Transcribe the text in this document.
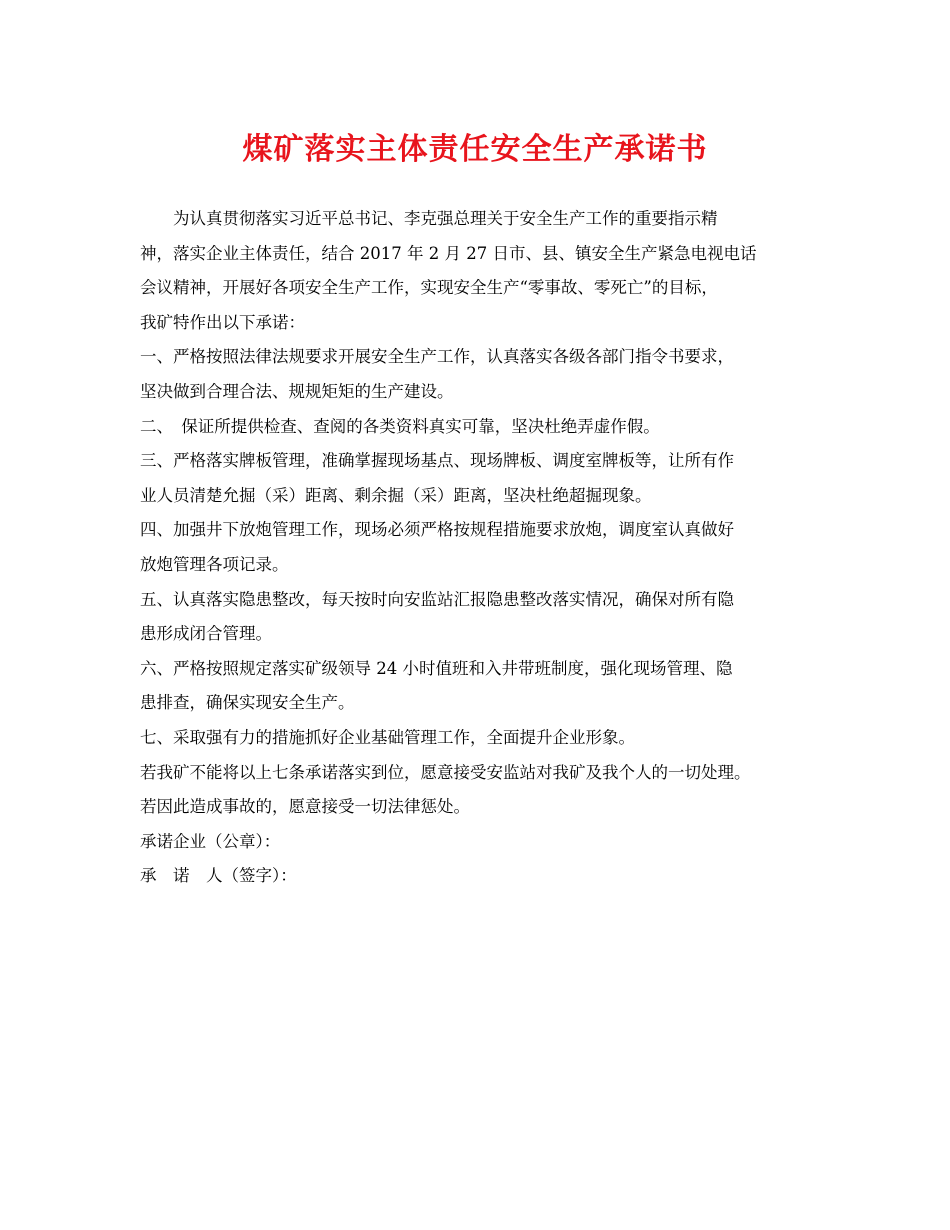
煤矿落实主体责任安全生产承诺书
　　为认真贯彻落实习近平总书记、李克强总理关于安全生产工作的重要指示精
神，落实企业主体责任，结合 2017 年 2 月 27 日市、县、镇安全生产紧急电视电话
会议精神，开展好各项安全生产工作，实现安全生产“零事故、零死亡”的目标，
我矿特作出以下承诺：
一、严格按照法律法规要求开展安全生产工作，认真落实各级各部门指令书要求，
坚决做到合理合法、规规矩矩的生产建设。
二、　保证所提供检查、查阅的各类资料真实可靠，坚决杜绝弄虚作假。
三、严格落实牌板管理，准确掌握现场基点、现场牌板、调度室牌板等，让所有作
业人员清楚允掘（采）距离、剩余掘（采）距离，坚决杜绝超掘现象。
四、加强井下放炮管理工作，现场必须严格按规程措施要求放炮，调度室认真做好
放炮管理各项记录。
五、认真落实隐患整改，每天按时向安监站汇报隐患整改落实情况，确保对所有隐
患形成闭合管理。
六、严格按照规定落实矿级领导 24 小时值班和入井带班制度，强化现场管理、隐
患排查，确保实现安全生产。
七、采取强有力的措施抓好企业基础管理工作，全面提升企业形象。
若我矿不能将以上七条承诺落实到位，愿意接受安监站对我矿及我个人的一切处理。
若因此造成事故的，愿意接受一切法律惩处。
承诺企业（公章）：
承　诺　人（签字）：
